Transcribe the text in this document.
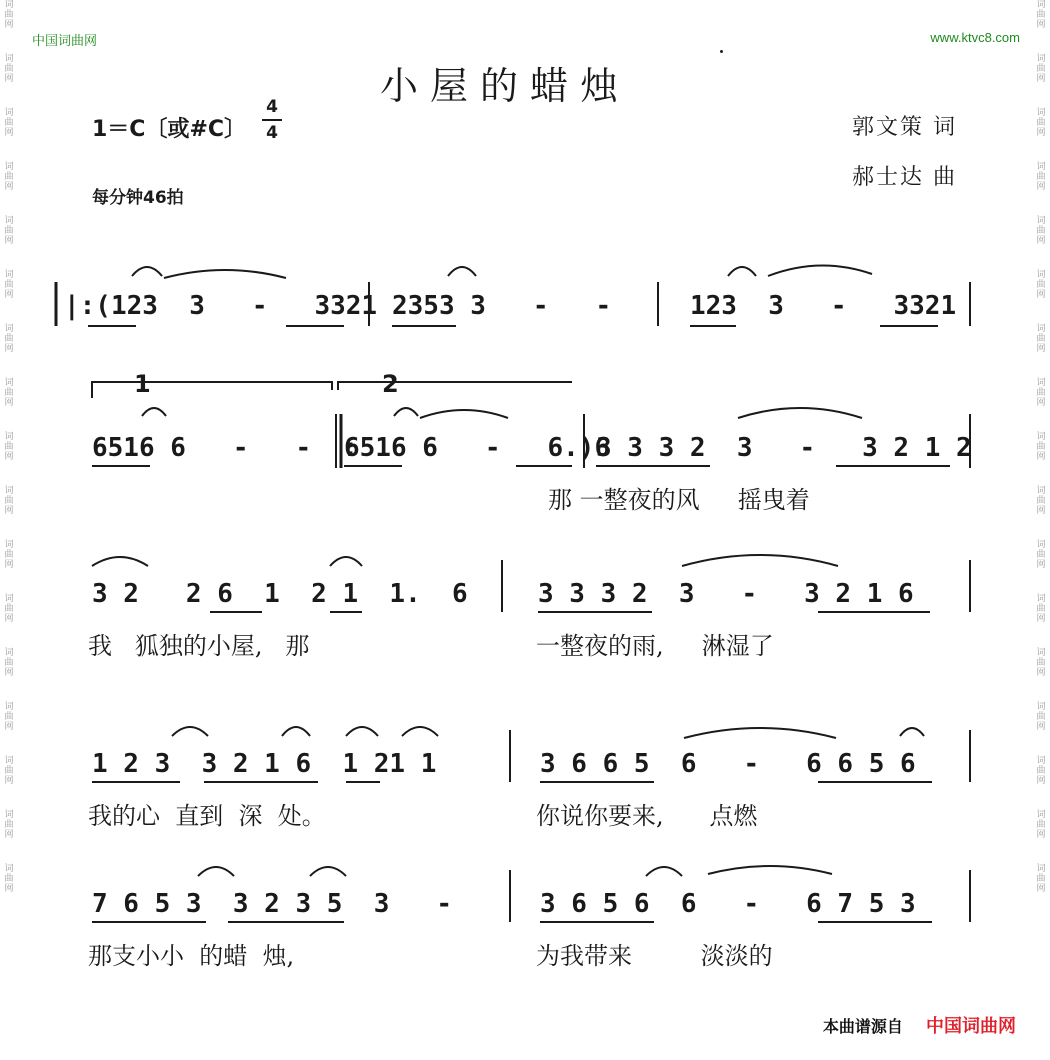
词曲网
词曲网
词曲网
词曲网
词曲网
词曲网
词曲网
词曲网
词曲网
词曲网
词曲网
词曲网
词曲网
词曲网
词曲网
词曲网
词曲网
词曲网
词曲网
词曲网
词曲网
词曲网
词曲网
词曲网
词曲网
词曲网
词曲网
词曲网
词曲网
词曲网
词曲网
词曲网
词曲网
词曲网
中国词曲网	www.ktvc8.com
小屋的蜡烛
1＝C〔或#C〕
4
4
每分钟46拍
郭文策 词
郝士达 曲
|:(123  3   -   3321 2353 3   -   -	123  3   -   3321
1	2
6516 6   -   -  :
6516 6   -   6.)6
3 3 3 2  3   -   3 2 1 2
那 一整夜的风     摇曳着
3 2   2 6  1  2 1  1.  6	3 3 3 2  3   -   3 2 1 6
我   狐独的小屋,   那	一整夜的雨,     淋湿了
1 2 3  3 2 1 6  1 21 1	3 6 6 5  6   -   6 6 5 6
我的心  直到  深  处。	你说你要来,      点燃
7 6 5 3  3 2 3 5  3   -	3 6 5 6  6   -   6 7 5 3
那支小小  的蜡  烛,	为我带来         淡淡的
本曲谱源自 中国词曲网
